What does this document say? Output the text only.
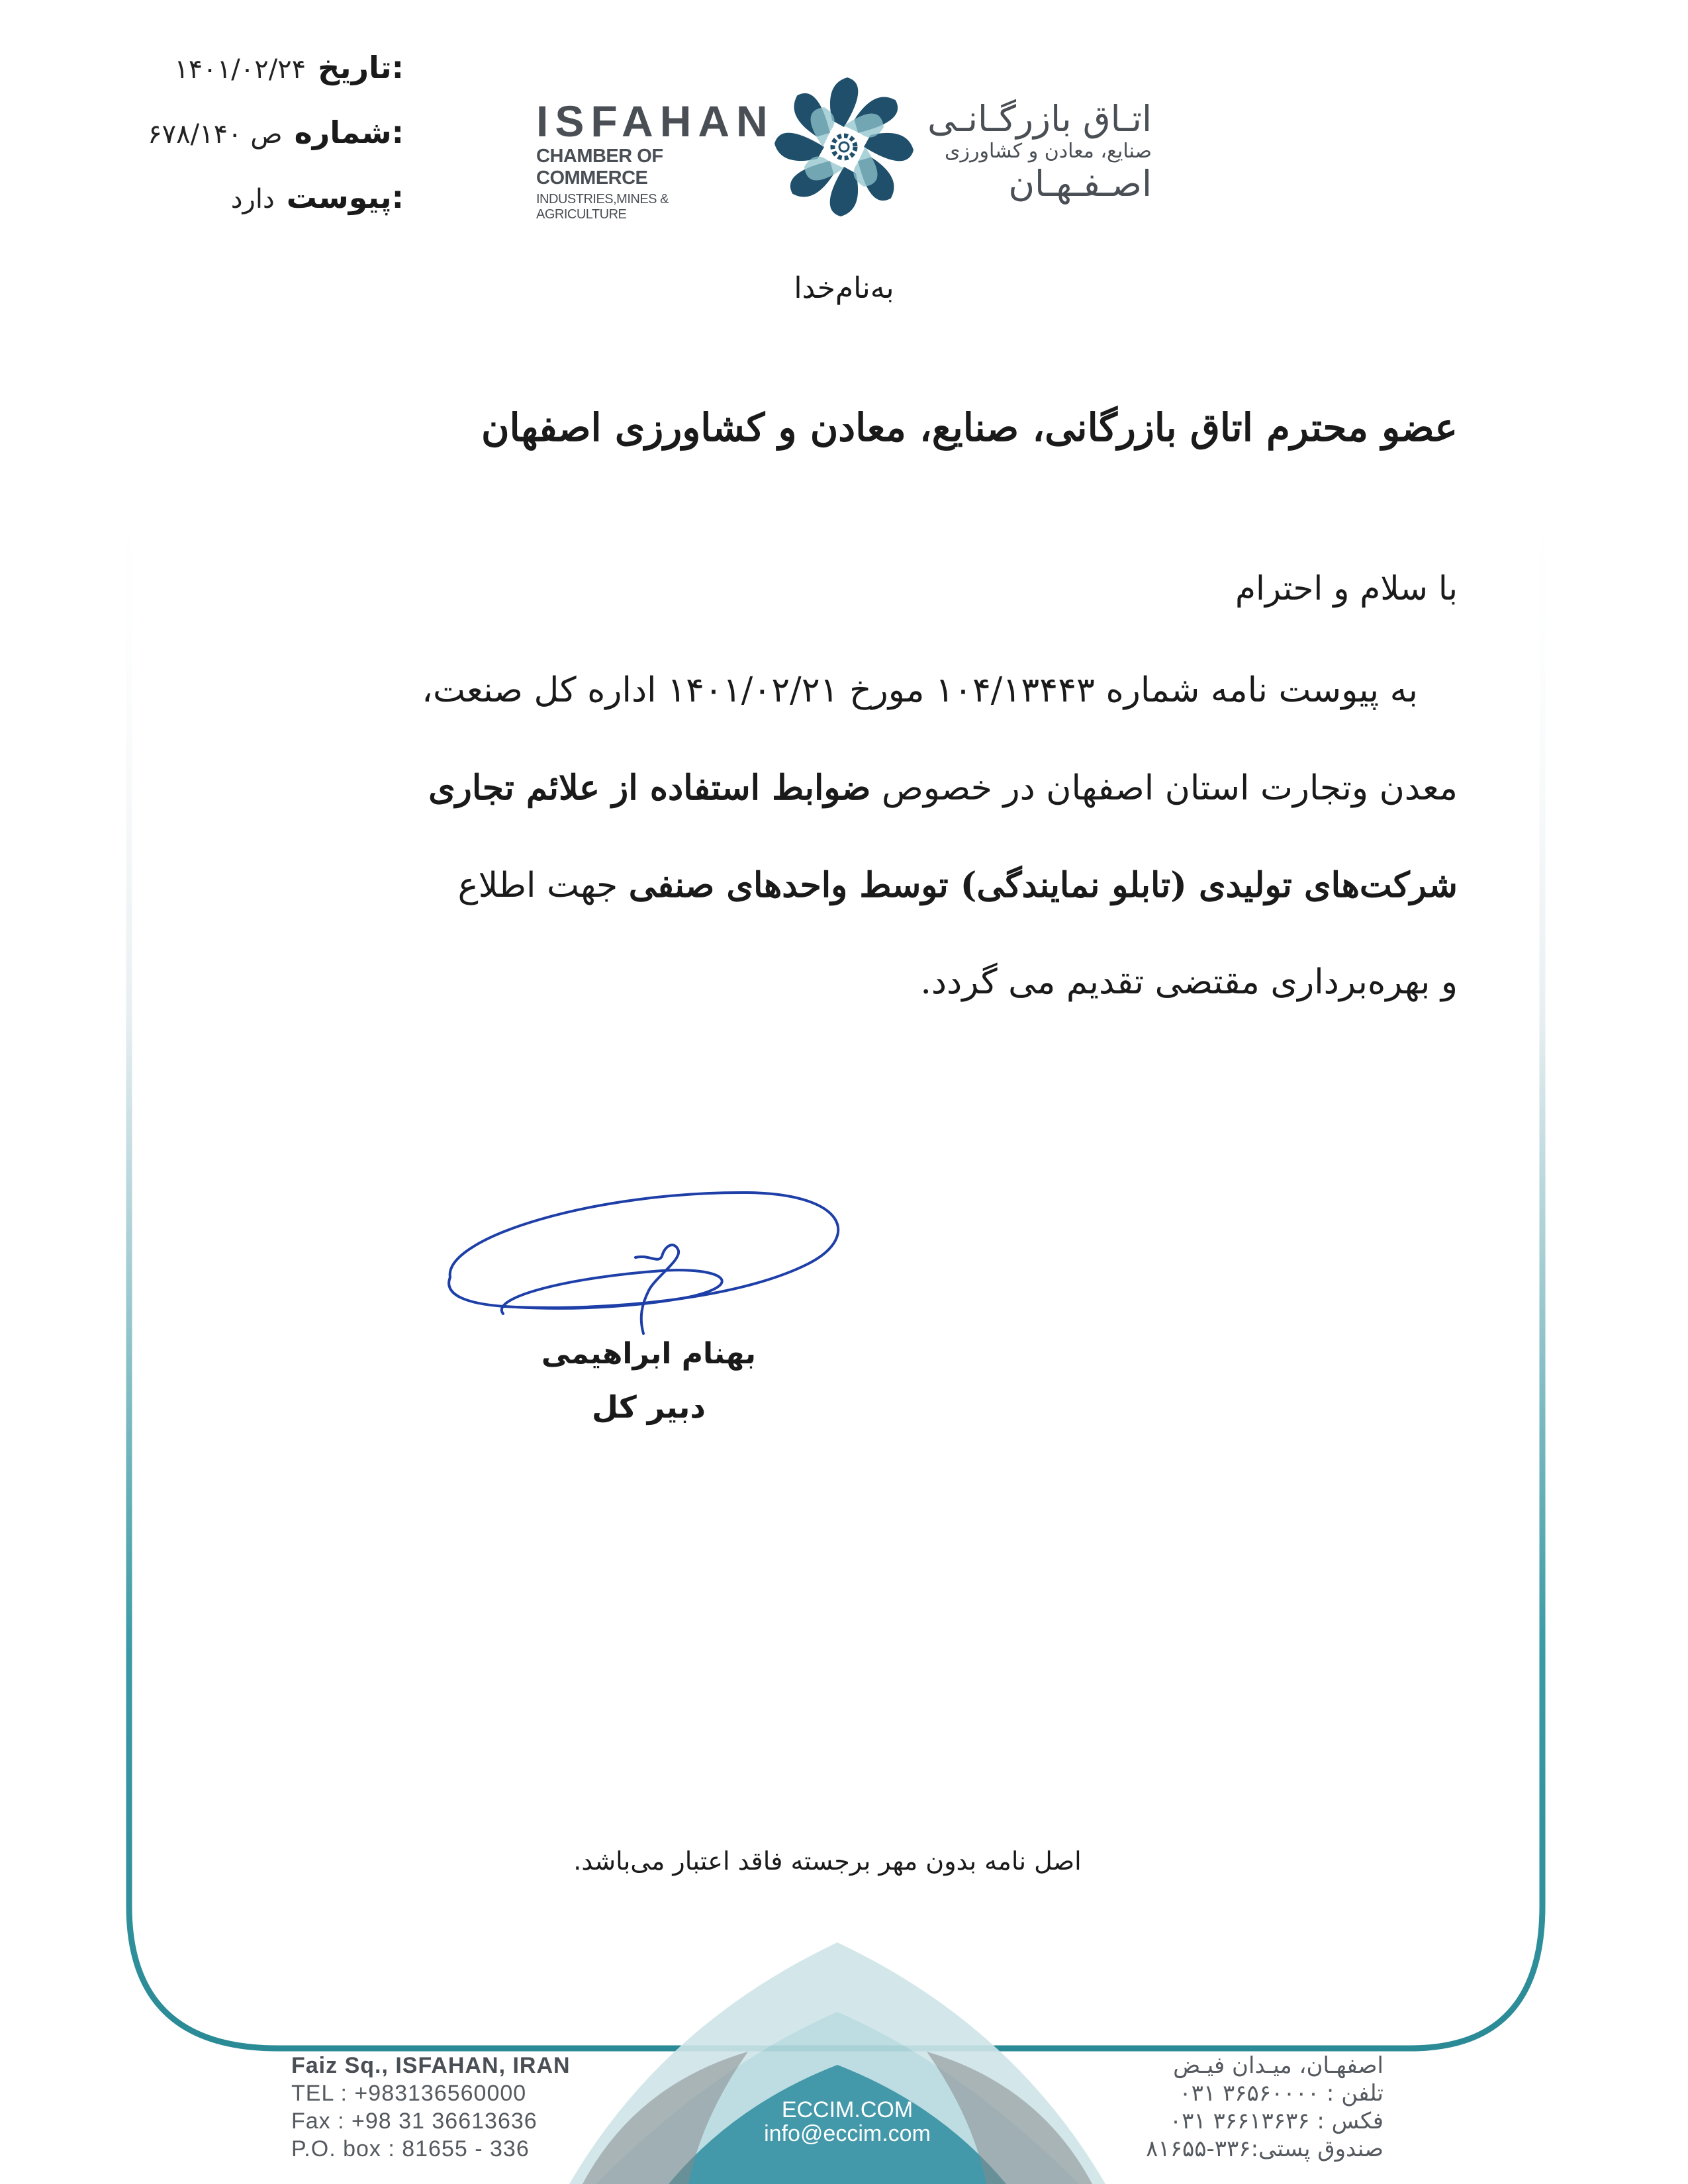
تاریخ:
۱۴۰۱/۰۲/۲۴
شماره:
۶۷۸/ص ۱۴۰
پیوست:
دارد
ISFAHAN
CHAMBER OF COMMERCE
INDUSTRIES,MINES & AGRICULTURE
اتـاق بازرگـانـی
صنایع، معادن و کشاورزی
اصـفـهـان
به‌نام‌خدا
عضو محترم اتاق بازرگانی، صنایع، معادن و کشاورزی اصفهان
با سلام و احترام
به پیوست نامه شماره ۱۰۴/۱۳۴۴۳ مورخ ۱۴۰۱/۰۲/۲۱ اداره کل صنعت،
معدن وتجارت استان اصفهان در خصوص ضوابط استفاده از علائم تجاری
شرکت‌های تولیدی (تابلو نمایندگی) توسط واحدهای صنفی جهت اطلاع
و بهره‌برداری مقتضی تقدیم می گردد.
بهنام ابراهیمی
دبیر کل
اصل نامه بدون مهر برجسته فاقد اعتبار می‌باشد.
Faiz Sq., ISFAHAN, IRAN
TEL : +983136560000
Fax : +98 31 36613636
P.O. box : 81655 - 336
ECCIM.COM
info@eccim.com
اصفهـان، میـدان فیـض
تلفن : ۳۶۵۶۰۰۰۰ ۰۳۱
فکس : ۳۶۶۱۳۶۳۶ ۰۳۱
صندوق پستی:۳۳۶-۸۱۶۵۵
